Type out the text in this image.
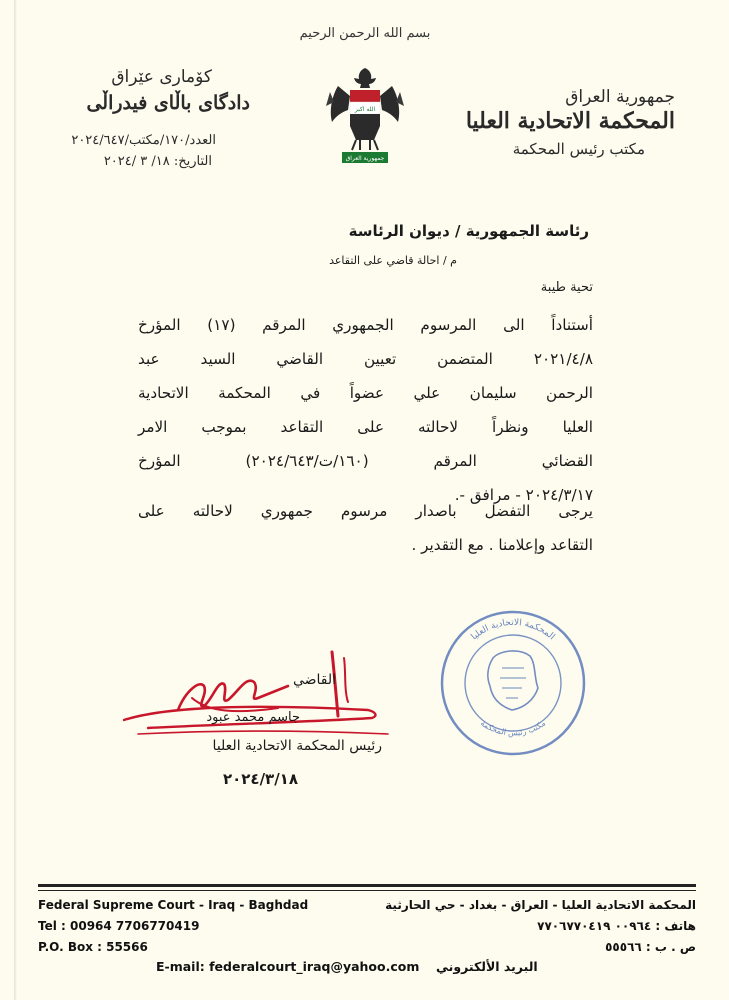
بسم الله الرحمن الرحيم
جمهورية العراق
المحكمة الاتحادية العليا
مكتب رئيس المحكمة
كۆماری عێراق
دادگای باڵای فیدراڵی
العدد/١٧٠/مكتب/٢٠٢٤/٦٤٧
التاريخ: ١٨/ ٣ /٢٠٢٤
الله اكبر
جمهورية العراق
رئاسة الجمهورية / ديوان الرئاسة
م / احالة قاضي على التقاعد
تحية طيبة
أستناداً الى المرسوم الجمهوري المرقم (١٧) المؤرخ
٢٠٢١/٤/٨ المتضمن تعيين القاضي السيد عبد
الرحمن سليمان علي عضواً في المحكمة الاتحادية
العليا ونظراً لاحالته على التقاعد بموجب الامر
القضائي المرقم (١٦٠/ت/٢٠٢٤/٦٤٣) المؤرخ
٢٠٢٤/٣/١٧ - مرافق -.
يرجى التفضل باصدار مرسوم جمهوري لاحالته على
التقاعد وإعلامنا . مع التقدير .
القاضي
جاسم محمد عبود
رئيس المحكمة الاتحادية العليا
٢٠٢٤/٣/١٨
المحكمة الاتحادية العليا
مكتب رئيس المحكمة
Federal Supreme Court - Iraq - Baghdad
Tel : 00964 7706770419
P.O. Box : 55566
المحكمة الاتحادية العليا - العراق - بغداد - حي الحارثية
هاتف : ٠٠٩٦٤ ٧٧٠٦٧٧٠٤١٩
ص . ب : ٥٥٥٦٦
E-mail: federalcourt_iraq@yahoo.com البريد الألكتروني
